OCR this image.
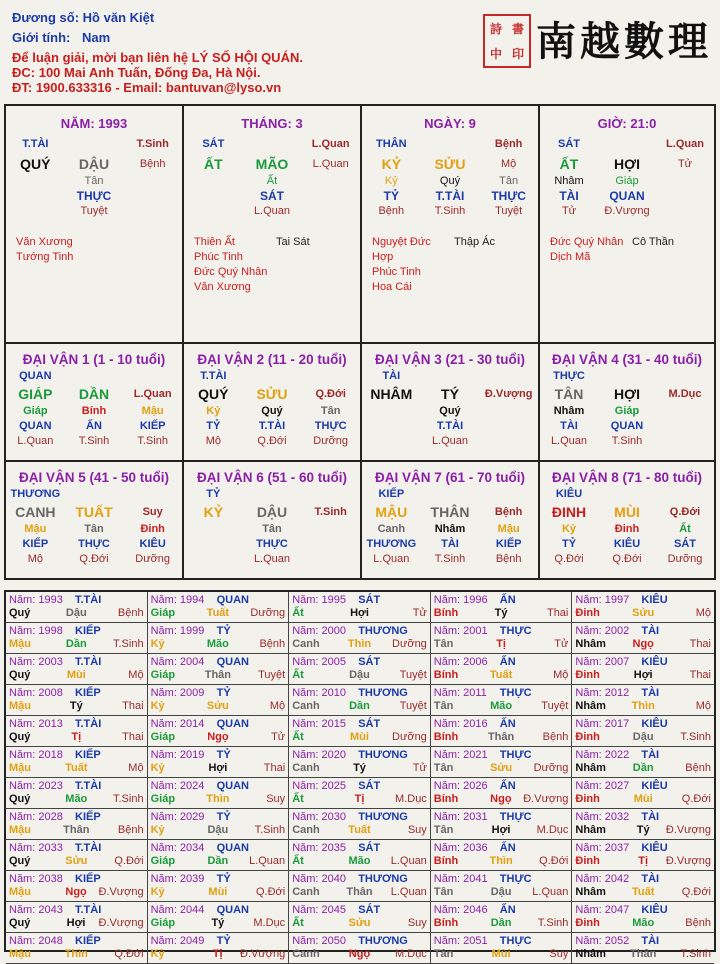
Đương số: Hồ văn Kiệt
Giới tính: Nam
Để luận giải, mời bạn liên hệ LÝ SỐ HỘI QUÁN.
ĐC: 100 Mai Anh Tuấn, Đống Đa, Hà Nội.
ĐT: 1900.633316 - Email: bantuvan@lyso.vn
詩 書
中 印 南越數理
NĂM: 1993
T.TÀI	T.Sinh
QUÝ	DẬU	Bệnh
Tân
THỰC
Tuyệt
Văn Xương
Tướng Tinh
THÁNG: 3
SÁT	L.Quan
ẤT	MÃO	L.Quan
Ất
SÁT
L.Quan
Thiên Ất	Tai Sát
Phúc Tinh
Đức Quý Nhân
Văn Xương
NGÀY: 9
THÂN	Bệnh
KỶ	SỬU	Mộ
Kỷ	Quý	Tân
TỶ	T.TÀI	THỰC
Bệnh	T.Sinh	Tuyệt
Nguyệt Đức Hợp
Thập Ác
Phúc Tinh
Hoa Cái
GIỜ: 21:0
SÁT	L.Quan
ẤT	HỢI	Tử
Nhâm	Giáp
TÀI	QUAN
Tử	Đ.Vượng
Đức Quý Nhân Cô Thần
Dịch Mã
ĐẠI VẬN 1 (1 - 10 tuổi)
QUAN
GIÁP	DẦN	L.Quan
Giáp	Bính	Mậu
QUAN	ẤN	KIẾP
L.Quan	T.Sinh	T.Sinh
ĐẠI VẬN 2 (11 - 20 tuổi)
T.TÀI
QUÝ	SỬU	Q.Đới
Kỷ	Quý	Tân
TỶ	T.TÀI	THỰC
Mộ	Q.Đới	Dưỡng
ĐẠI VẬN 3 (21 - 30 tuổi)
TÀI
NHÂM	TÝ	Đ.Vượng
Quý
T.TÀI
L.Quan
ĐẠI VẬN 4 (31 - 40 tuổi)
THỰC
TÂN	HỢI	M.Dục
Nhâm	Giáp
TÀI	QUAN
L.Quan	T.Sinh
ĐẠI VẬN 5 (41 - 50 tuổi)
THƯƠNG
CANH	TUẤT	Suy
Mậu	Tân	Đinh
KIẾP	THỰC	KIÊU
Mộ	Q.Đới	Dưỡng
ĐẠI VẬN 6 (51 - 60 tuổi)
TỶ
KỶ	DẬU	T.Sinh
Tân
THỰC
L.Quan
ĐẠI VẬN 7 (61 - 70 tuổi)
KIẾP
MẬU	THÂN	Bệnh
Canh	Nhâm	Mậu
THƯƠNG	TÀI	KIẾP
L.Quan	T.Sinh	Bệnh
ĐẠI VẬN 8 (71 - 80 tuổi)
KIÊU
ĐINH	MÙI	Q.Đới
Kỷ	Đinh	Ất
TỶ	KIÊU	SÁT
Q.Đới	Q.Đới	Dưỡng
Năm: 1993	T.TÀI
Quý	Dậu	Bệnh
Năm: 1994	QUAN
Giáp	Tuất	Dưỡng
Năm: 1995	SÁT
Ất	Hợi	Tử
Năm: 1996	ẤN
Bính	Tý	Thai
Năm: 1997	KIÊU
Đinh	Sửu	Mộ
Năm: 1998	KIẾP
Mậu	Dần	T.Sinh
Năm: 1999	TỶ
Kỷ	Mão	Bệnh
Năm: 2000	THƯƠNG
Canh	Thìn	Dưỡng
Năm: 2001	THỰC
Tân	Tị	Tử
Năm: 2002	TÀI
Nhâm	Ngọ	Thai
Năm: 2003	T.TÀI
Quý	Mùi	Mộ
Năm: 2004	QUAN
Giáp	Thân	Tuyệt
Năm: 2005	SÁT
Ất	Dậu	Tuyệt
Năm: 2006	ẤN
Bính	Tuất	Mộ
Năm: 2007	KIÊU
Đinh	Hợi	Thai
Năm: 2008	KIẾP
Mậu	Tý	Thai
Năm: 2009	TỶ
Kỷ	Sửu	Mộ
Năm: 2010	THƯƠNG
Canh	Dần	Tuyệt
Năm: 2011	THỰC
Tân	Mão	Tuyệt
Năm: 2012	TÀI
Nhâm	Thìn	Mộ
Năm: 2013	T.TÀI
Quý	Tị	Thai
Năm: 2014	QUAN
Giáp	Ngọ	Tử
Năm: 2015	SÁT
Ất	Mùi	Dưỡng
Năm: 2016	ẤN
Bính	Thân	Bệnh
Năm: 2017	KIÊU
Đinh	Dậu	T.Sinh
Năm: 2018	KIẾP
Mậu	Tuất	Mộ
Năm: 2019	TỶ
Kỷ	Hợi	Thai
Năm: 2020	THƯƠNG
Canh	Tý	Tử
Năm: 2021	THỰC
Tân	Sửu	Dưỡng
Năm: 2022	TÀI
Nhâm	Dần	Bệnh
Năm: 2023	T.TÀI
Quý	Mão	T.Sinh
Năm: 2024	QUAN
Giáp	Thìn	Suy
Năm: 2025	SÁT
Ất	Tị	M.Dục
Năm: 2026	ẤN
Bính	Ngọ	Đ.Vượng
Năm: 2027	KIÊU
Đinh	Mùi	Q.Đới
Năm: 2028	KIẾP
Mậu	Thân	Bệnh
Năm: 2029	TỶ
Kỷ	Dậu	T.Sinh
Năm: 2030	THƯƠNG
Canh	Tuất	Suy
Năm: 2031	THỰC
Tân	Hợi	M.Dục
Năm: 2032	TÀI
Nhâm	Tý	Đ.Vượng
Năm: 2033	T.TÀI
Quý	Sửu	Q.Đới
Năm: 2034	QUAN
Giáp	Dần	L.Quan
Năm: 2035	SÁT
Ất	Mão	L.Quan
Năm: 2036	ẤN
Bính	Thìn	Q.Đới
Năm: 2037	KIÊU
Đinh	Tị	Đ.Vượng
Năm: 2038	KIẾP
Mậu	Ngọ	Đ.Vượng
Năm: 2039	TỶ
Kỷ	Mùi	Q.Đới
Năm: 2040	THƯƠNG
Canh	Thân	L.Quan
Năm: 2041	THỰC
Tân	Dậu	L.Quan
Năm: 2042	TÀI
Nhâm	Tuất	Q.Đới
Năm: 2043	T.TÀI
Quý	Hợi	Đ.Vượng
Năm: 2044	QUAN
Giáp	Tý	M.Dục
Năm: 2045	SÁT
Ất	Sửu	Suy
Năm: 2046	ẤN
Bính	Dần	T.Sinh
Năm: 2047	KIÊU
Đinh	Mão	Bệnh
Năm: 2048	KIẾP
Mậu	Thìn	Q.Đới
Năm: 2049	TỶ
Kỷ	Tị	Đ.Vượng
Năm: 2050	THƯƠNG
Canh	Ngọ	M.Dục
Năm: 2051	THỰC
Tân	Mùi	Suy
Năm: 2052	TÀI
Nhâm	Thân	T.Sinh
